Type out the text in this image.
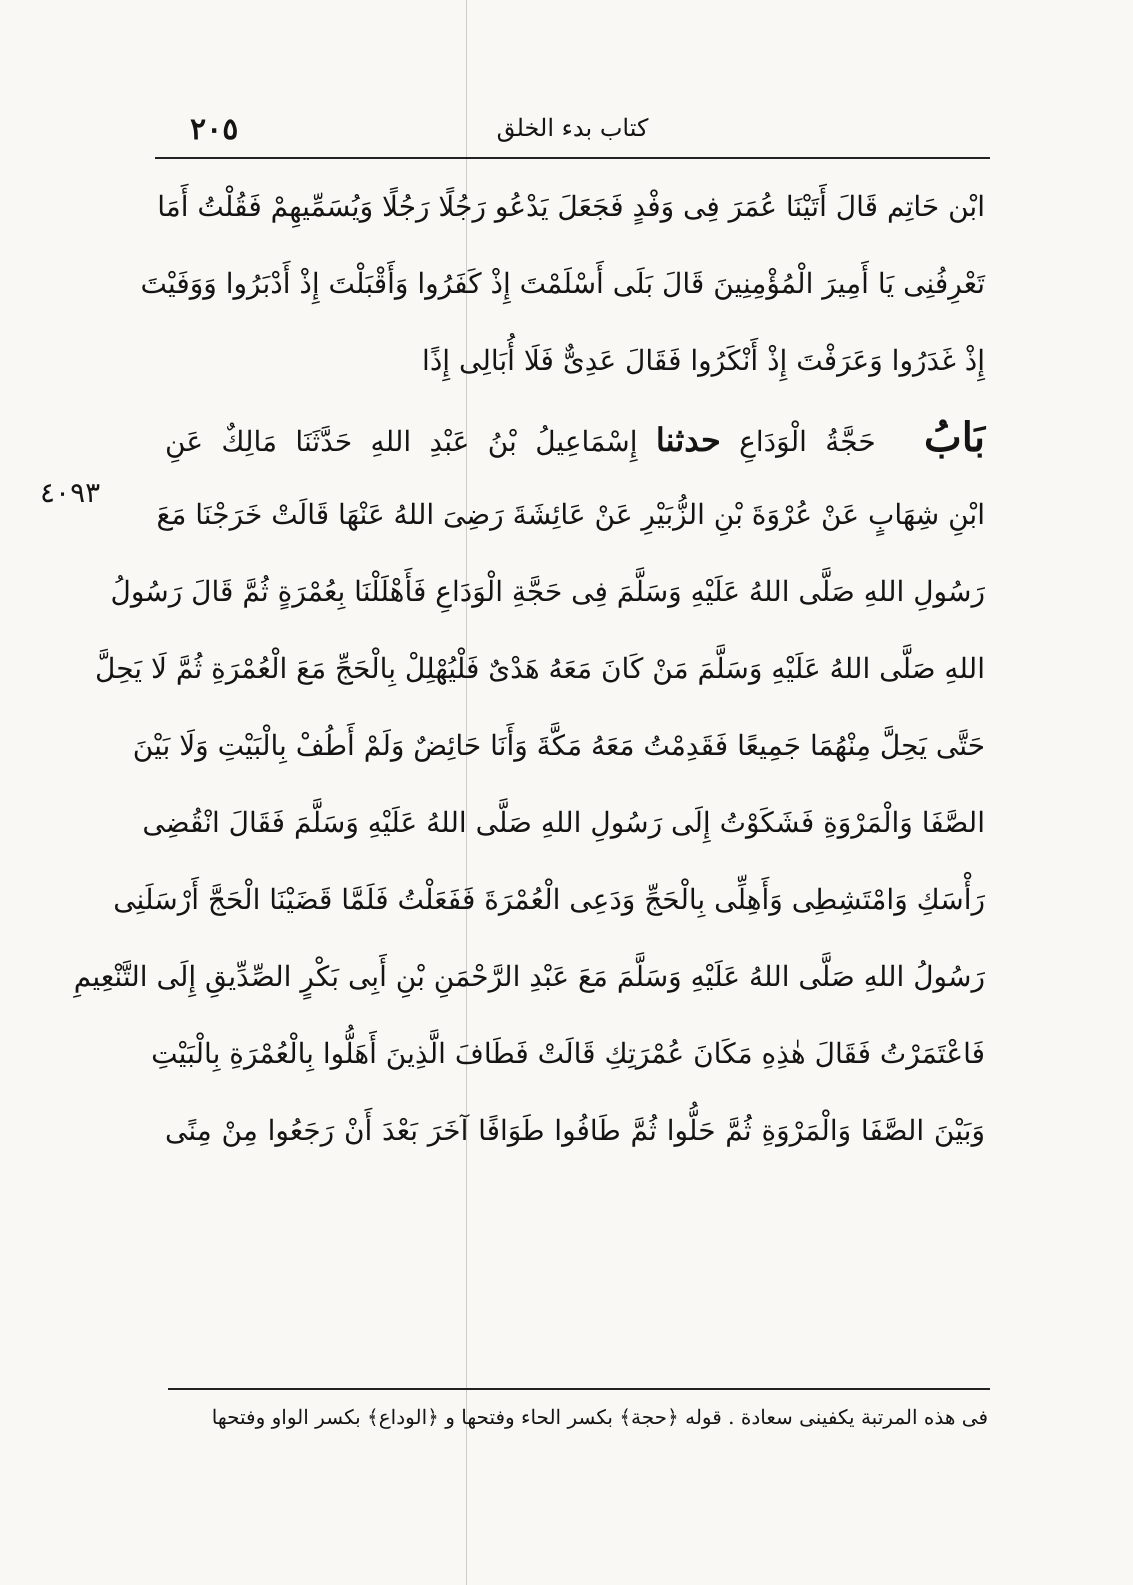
٢٠٥	كتاب بدء الخلق
ابْن حَاتِم قَالَ أَتَيْنَا عُمَرَ فِى وَفْدٍ فَجَعَلَ يَدْعُو رَجُلًا رَجُلًا وَيُسَمِّيهِمْ فَقُلْتُ أَمَا
تَعْرِفُنِى يَا أَمِيرَ الْمُؤْمِنِينَ قَالَ بَلَى أَسْلَمْتَ إِذْ كَفَرُوا وَأَقْبَلْتَ إِذْ أَدْبَرُوا وَوَفَيْتَ
إِذْ غَدَرُوا وَعَرَفْتَ إِذْ أَنْكَرُوا فَقَالَ عَدِىٌّ فَلَا أُبَالِى إِذًا
بَابُ حَجَّةُ الْوَدَاعِ حدثنا إِسْمَاعِيلُ بْنُ عَبْدِ اللهِ حَدَّثَنَا مَالِكٌ عَنِ
ابْنِ شِهَابٍ عَنْ عُرْوَةَ بْنِ الزُّبَيْرِ عَنْ عَائِشَةَ رَضِىَ اللهُ عَنْهَا قَالَتْ خَرَجْنَا مَعَ
رَسُولِ اللهِ صَلَّى اللهُ عَلَيْهِ وَسَلَّمَ فِى حَجَّةِ الْوَدَاعِ فَأَهْلَلْنَا بِعُمْرَةٍ ثُمَّ قَالَ رَسُولُ
اللهِ صَلَّى اللهُ عَلَيْهِ وَسَلَّمَ مَنْ كَانَ مَعَهُ هَدْىٌ فَلْيُهْلِلْ بِالْحَجِّ مَعَ الْعُمْرَةِ ثُمَّ لَا يَحِلَّ
حَتَّى يَحِلَّ مِنْهُمَا جَمِيعًا فَقَدِمْتُ مَعَهُ مَكَّةَ وَأَنَا حَائِضٌ وَلَمْ أَطُفْ بِالْبَيْتِ وَلَا بَيْنَ
الصَّفَا وَالْمَرْوَةِ فَشَكَوْتُ إِلَى رَسُولِ اللهِ صَلَّى اللهُ عَلَيْهِ وَسَلَّمَ فَقَالَ انْقُضِى
رَأْسَكِ وَامْتَشِطِى وَأَهِلِّى بِالْحَجِّ وَدَعِى الْعُمْرَةَ فَفَعَلْتُ فَلَمَّا قَضَيْنَا الْحَجَّ أَرْسَلَنِى
رَسُولُ اللهِ صَلَّى اللهُ عَلَيْهِ وَسَلَّمَ مَعَ عَبْدِ الرَّحْمَنِ بْنِ أَبِى بَكْرٍ الصِّدِّيقِ إِلَى التَّنْعِيمِ
فَاعْتَمَرْتُ فَقَالَ هٰذِهِ مَكَانَ عُمْرَتِكِ قَالَتْ فَطَافَ الَّذِينَ أَهَلُّوا بِالْعُمْرَةِ بِالْبَيْتِ
وَبَيْنَ الصَّفَا وَالْمَرْوَةِ ثُمَّ حَلُّوا ثُمَّ طَافُوا طَوَافًا آخَرَ بَعْدَ أَنْ رَجَعُوا مِنْ مِنًى
٤٠٩٣
فى هذه المرتبة يكفينى سعادة . قوله ﴿حجة﴾ بكسر الحاء وفتحها و ﴿الوداع﴾ بكسر الواو وفتحها
